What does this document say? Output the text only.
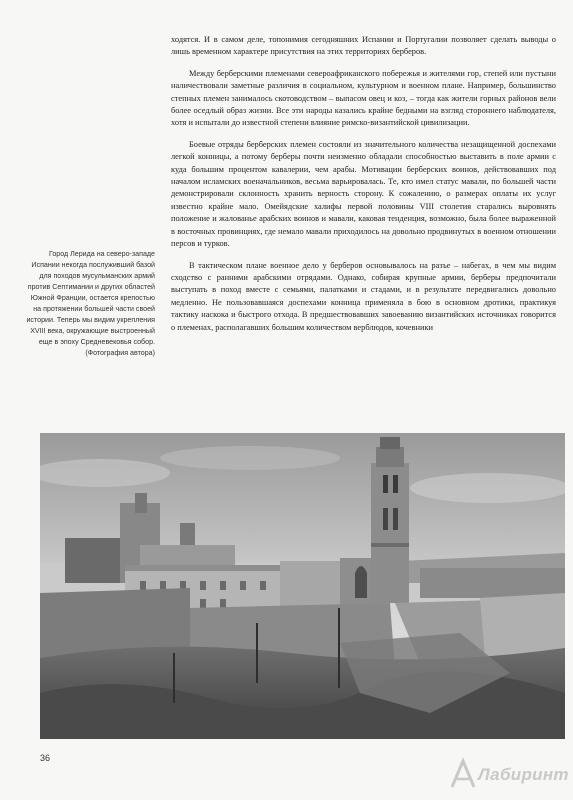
ходятся. И в самом деле, топонимия сегодняшних Испании и Португалии позволяет сделать выводы о лишь временном характере присутствия на этих территориях берберов.

Между берберскими племенами североафриканского побережья и жителями гор, степей или пустыни наличествовали заметные различия в социальном, культурном и военном плане. Например, большинство степных племен занималось скотоводством – выпасом овец и коз, – тогда как жители горных районов вели более оседлый образ жизни. Все эти народы казались крайне бедными на взгляд стороннего наблюдателя, хотя и испытали до известной степени влияние римско-византийской цивилизации.

Боевые отряды берберских племен состояли из значительного количества незащищенной доспехами легкой конницы, а потому берберы почти неизменно обладали способностью выставить в поле армии с куда большим процентом кавалерии, чем арабы. Мотивации берберских воинов, действовавших под началом исламских военачальников, весьма варьировалась. Те, кто имел статус мавали, по большей части демонстрировали склонность хранить верность сторону. К сожалению, о размерах оплаты их услуг известно крайне мало. Омейядские халифы первой половины VIII столетия старались выровнять положение и жалованье арабских воинов и мавали, каковая тенденция, возможно, была более выраженной в восточных провинциях, где немало мавали приходилось на довольно продвинутых в военном отношении персов и турков.

В тактическом плане военное дело у берберов основывалось на разъе – набегах, в чем мы видим сходство с ранними арабскими отрядами. Однако, собирая крупные армии, берберы предпочитали выступать в поход вместе с семьями, палатками и стадами, и в результате передвигались довольно медленно. Не пользовавшаяся доспехами конница применяла в бою в основном дротики, практикуя тактику наскока и быстрого отхода. В предшествовавших завоеванию византийских источниках говорится о племенах, располагавших большим количеством верблюдов, кочевники

Город Лерида на северо-западе Испании некогда послуживший базой для походов мусульманских армий против Септимании и других областей Южной Франции, остается крепостью на протяжении большей части своей истории. Теперь мы видим укрепления XVIII века, окружающие выстроенный еще в эпоху Средневековья собор. (Фотография автора)
36
Лабиринт
